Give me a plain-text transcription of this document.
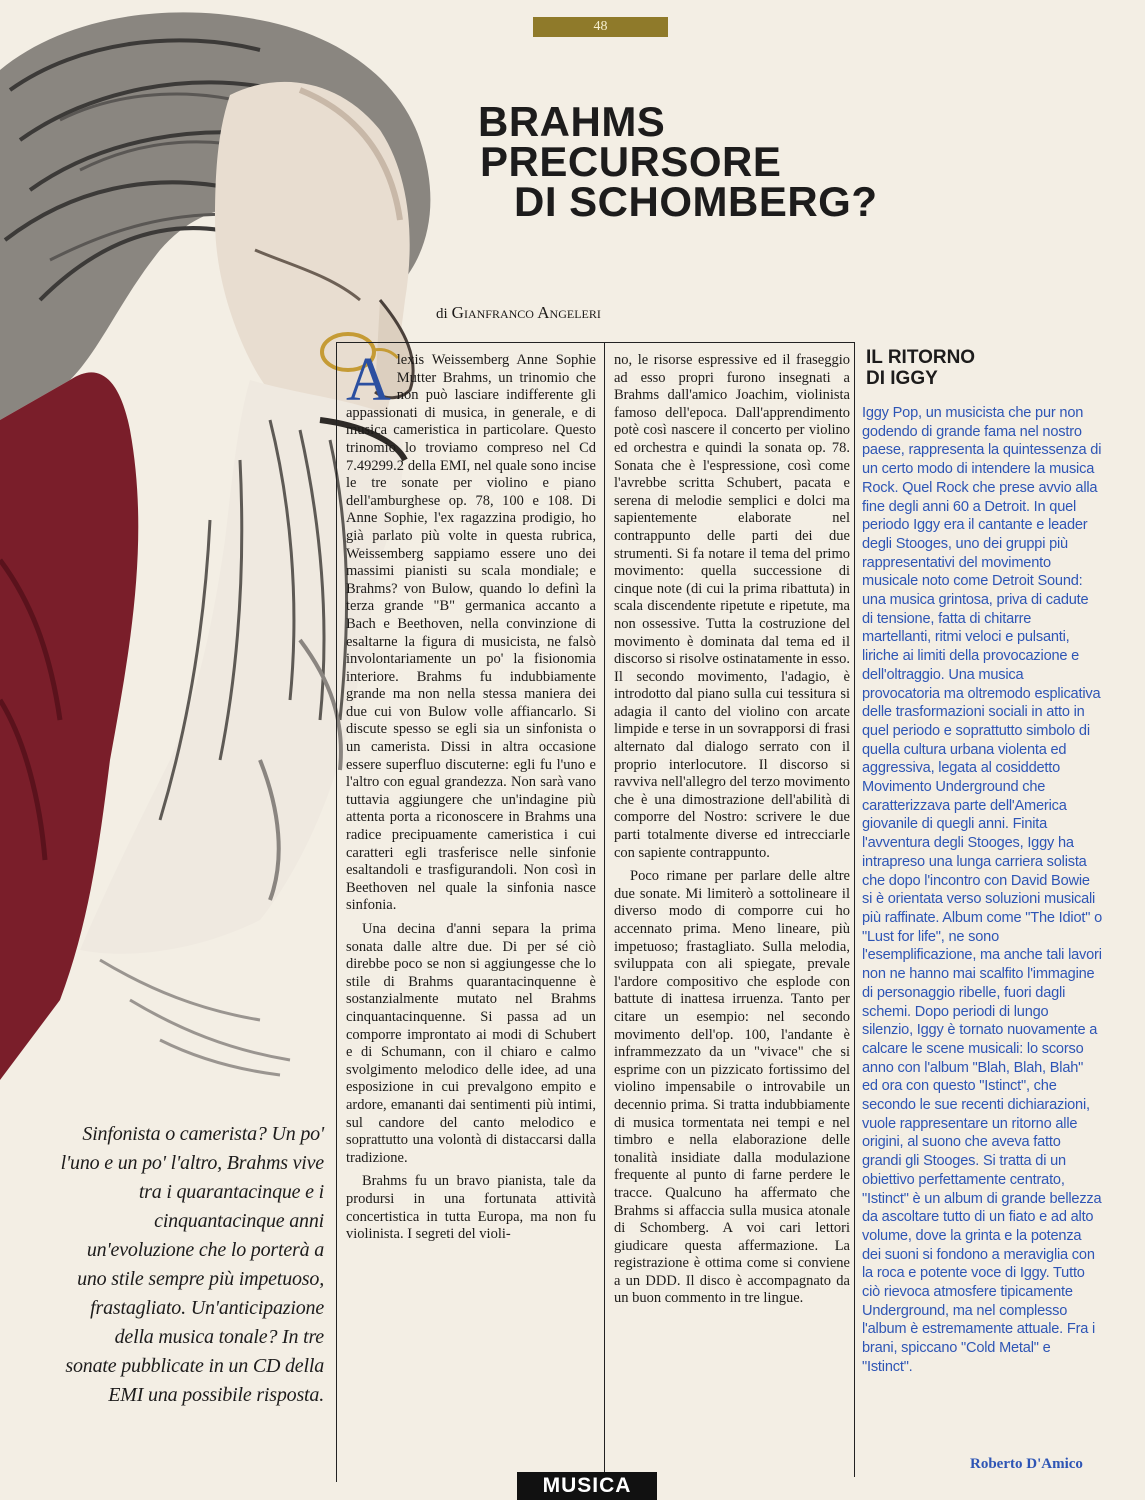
48
BRAHMS
PRECURSORE
DI SCHOMBERG?
di Gianfranco Angeleri

Alexis Weissemberg Anne Sophie Mutter Brahms, un trinomio che non può lasciare indifferente gli appassionati di musica, in generale, e di musica cameristica in particolare. Questo trinomio lo troviamo compreso nel Cd 7.49299.2 della EMI, nel quale sono incise le tre sonate per violino e piano dell'amburghese op. 78, 100 e 108. Di Anne Sophie, l'ex ragazzina prodigio, ho già parlato più volte in questa rubrica, Weissemberg sappiamo essere uno dei massimi pianisti su scala mondiale; e Brahms? von Bulow, quando lo definì la terza grande "B" germanica accanto a Bach e Beethoven, nella convinzione di esaltarne la figura di musicista, ne falsò involontariamente un po' la fisionomia interiore. Brahms fu indubbiamente grande ma non nella stessa maniera dei due cui von Bulow volle affiancarlo. Si discute spesso se egli sia un sinfonista o un camerista. Dissi in altra occasione essere superfluo discuterne: egli fu l'uno e l'altro con egual grandezza. Non sarà vano tuttavia aggiungere che un'indagine più attenta porta a riconoscere in Brahms una radice precipuamente cameristica i cui caratteri egli trasferisce nelle sinfonie esaltandoli e trasfigurandoli. Non così in Beethoven nel quale la sinfonia nasce sinfonia.

Una decina d'anni separa la prima sonata dalle altre due. Di per sé ciò direbbe poco se non si aggiungesse che lo stile di Brahms quarantacinquenne è sostanzialmente mutato nel Brahms cinquantacinquenne. Si passa ad un comporre improntato ai modi di Schubert e di Schumann, con il chiaro e calmo svolgimento melodico delle idee, ad una esposizione in cui prevalgono empito e ardore, emananti dai sentimenti più intimi, sul candore del canto melodico e soprattutto una volontà di distaccarsi dalla tradizione.

Brahms fu un bravo pianista, tale da prodursi in una fortunata attività concertistica in tutta Europa, ma non fu violinista. I segreti del violi-

no, le risorse espressive ed il fraseggio ad esso propri furono insegnati a Brahms dall'amico Joachim, violinista famoso dell'epoca. Dall'apprendimento potè così nascere il concerto per violino ed orchestra e quindi la sonata op. 78. Sonata che è l'espressione, così come l'avrebbe scritta Schubert, pacata e serena di melodie semplici e dolci ma sapientemente elaborate nel contrappunto delle parti dei due strumenti. Si fa notare il tema del primo movimento: quella successione di cinque note (di cui la prima ribattuta) in scala discendente ripetute e ripetute, ma non ossessive. Tutta la costruzione del movimento è dominata dal tema ed il discorso si risolve ostinatamente in esso. Il secondo movimento, l'adagio, è introdotto dal piano sulla cui tessitura si adagia il canto del violino con arcate limpide e terse in un sovrapporsi di frasi alternato dal dialogo serrato con il proprio interlocutore. Il discorso si ravviva nell'allegro del terzo movimento che è una dimostrazione dell'abilità di comporre del Nostro: scrivere le due parti totalmente diverse ed intrecciarle con sapiente contrappunto.

Poco rimane per parlare delle altre due sonate. Mi limiterò a sottolineare il diverso modo di comporre cui ho accennato prima. Meno lineare, più impetuoso; frastagliato. Sulla melodia, sviluppata con ali spiegate, prevale l'ardore compositivo che esplode con battute di inattesa irruenza. Tanto per citare un esempio: nel secondo movimento dell'op. 100, l'andante è inframmezzato da un "vivace" che si esprime con un pizzicato fortissimo del violino impensabile o introvabile un decennio prima. Si tratta indubbiamente di musica tormentata nei tempi e nel timbro e nella elaborazione delle tonalità insidiate dalla modulazione frequente al punto di farne perdere le tracce. Qualcuno ha affermato che Brahms si affaccia sulla musica atonale di Schomberg. A voi cari lettori giudicare questa affermazione. La registrazione è ottima come si conviene a un DDD. Il disco è accompagnato da un buon commento in tre lingue.

IL RITORNO
DI IGGY

Iggy Pop, un musicista che pur non godendo di grande fama nel nostro paese, rappresenta la quintessenza di un certo modo di intendere la musica Rock. Quel Rock che prese avvio alla fine degli anni 60 a Detroit. In quel periodo Iggy era il cantante e leader degli Stooges, uno dei gruppi più rappresentativi del movimento musicale noto come Detroit Sound: una musica grintosa, priva di cadute di tensione, fatta di chitarre martellanti, ritmi veloci e pulsanti, liriche ai limiti della provocazione e dell'oltraggio. Una musica provocatoria ma oltremodo esplicativa delle trasformazioni sociali in atto in quel periodo e soprattutto simbolo di quella cultura urbana violenta ed aggressiva, legata al cosiddetto Movimento Underground che caratterizzava parte dell'America giovanile di quegli anni. Finita l'avventura degli Stooges, Iggy ha intrapreso una lunga carriera solista che dopo l'incontro con David Bowie si è orientata verso soluzioni musicali più raffinate. Album come "The Idiot" o "Lust for life", ne sono l'esemplificazione, ma anche tali lavori non ne hanno mai scalfito l'immagine di personaggio ribelle, fuori dagli schemi. Dopo periodi di lungo silenzio, Iggy è tornato nuovamente a calcare le scene musicali: lo scorso anno con l'album "Blah, Blah, Blah" ed ora con questo "Istinct", che secondo le sue recenti dichiarazioni, vuole rappresentare un ritorno alle origini, al suono che aveva fatto grandi gli Stooges. Si tratta di un obiettivo perfettamente centrato, "Istinct" è un album di grande bellezza da ascoltare tutto di un fiato e ad alto volume, dove la grinta e la potenza dei suoni si fondono a meraviglia con la roca e potente voce di Iggy. Tutto ciò rievoca atmosfere tipicamente Underground, ma nel complesso l'album è estremamente attuale. Fra i brani, spiccano "Cold Metal" e "Istinct".

Roberto D'Amico

Sinfonista o camerista? Un po' l'uno e un po' l'altro, Brahms vive tra i quarantacinque e i cinquantacinque anni un'evoluzione che lo porterà a uno stile sempre più impetuoso, frastagliato. Un'anticipazione della musica tonale? In tre sonate pubblicate in un CD della EMI una possibile risposta.

MUSICA
